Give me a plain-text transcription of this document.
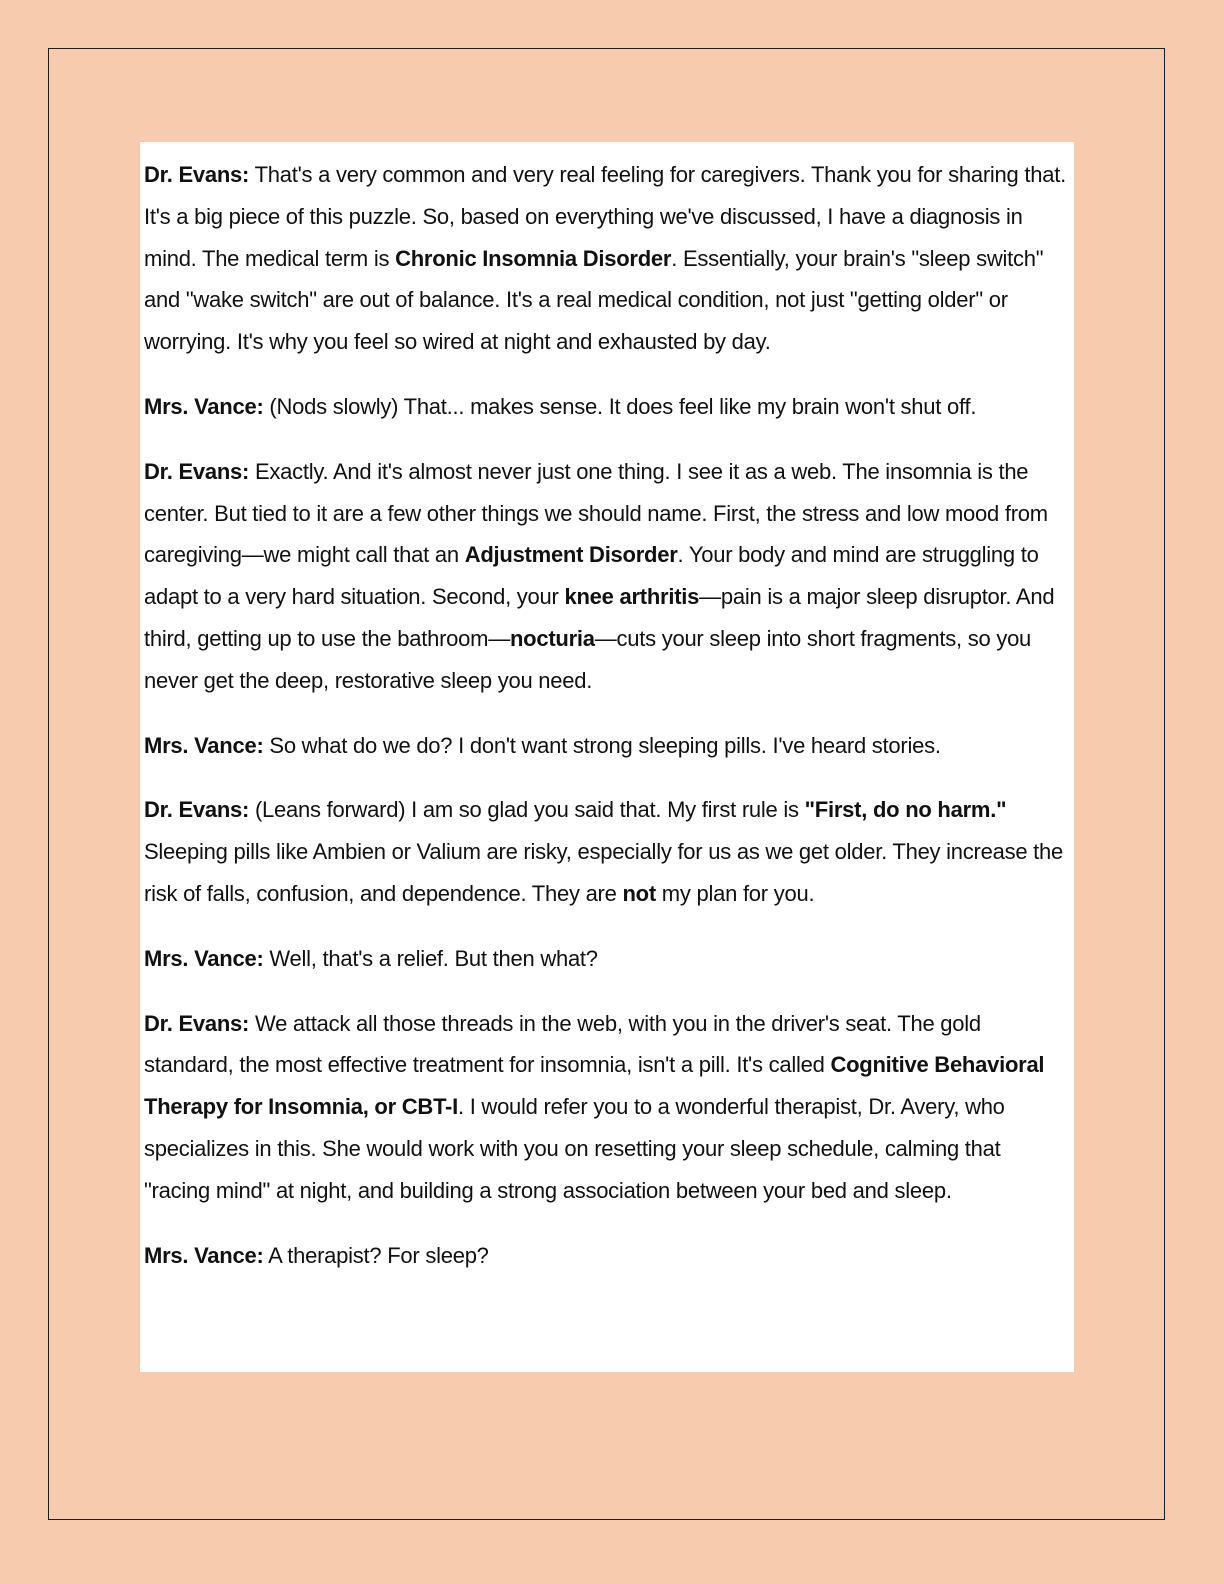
Dr. Evans: That's a very common and very real feeling for caregivers. Thank you for sharing that. It's a big piece of this puzzle. So, based on everything we've discussed, I have a diagnosis in mind. The medical term is Chronic Insomnia Disorder. Essentially, your brain's "sleep switch" and "wake switch" are out of balance. It's a real medical condition, not just "getting older" or worrying. It's why you feel so wired at night and exhausted by day.

Mrs. Vance: (Nods slowly) That... makes sense. It does feel like my brain won't shut off.

Dr. Evans: Exactly. And it's almost never just one thing. I see it as a web. The insomnia is the center. But tied to it are a few other things we should name. First, the stress and low mood from caregiving—we might call that an Adjustment Disorder. Your body and mind are struggling to adapt to a very hard situation. Second, your knee arthritis—pain is a major sleep disruptor. And third, getting up to use the bathroom—nocturia—cuts your sleep into short fragments, so you never get the deep, restorative sleep you need.

Mrs. Vance: So what do we do? I don't want strong sleeping pills. I've heard stories.

Dr. Evans: (Leans forward) I am so glad you said that. My first rule is "First, do no harm." Sleeping pills like Ambien or Valium are risky, especially for us as we get older. They increase the risk of falls, confusion, and dependence. They are not my plan for you.

Mrs. Vance: Well, that's a relief. But then what?

Dr. Evans: We attack all those threads in the web, with you in the driver's seat. The gold standard, the most effective treatment for insomnia, isn't a pill. It's called Cognitive Behavioral Therapy for Insomnia, or CBT-I. I would refer you to a wonderful therapist, Dr. Avery, who specializes in this. She would work with you on resetting your sleep schedule, calming that "racing mind" at night, and building a strong association between your bed and sleep.

Mrs. Vance: A therapist? For sleep?
